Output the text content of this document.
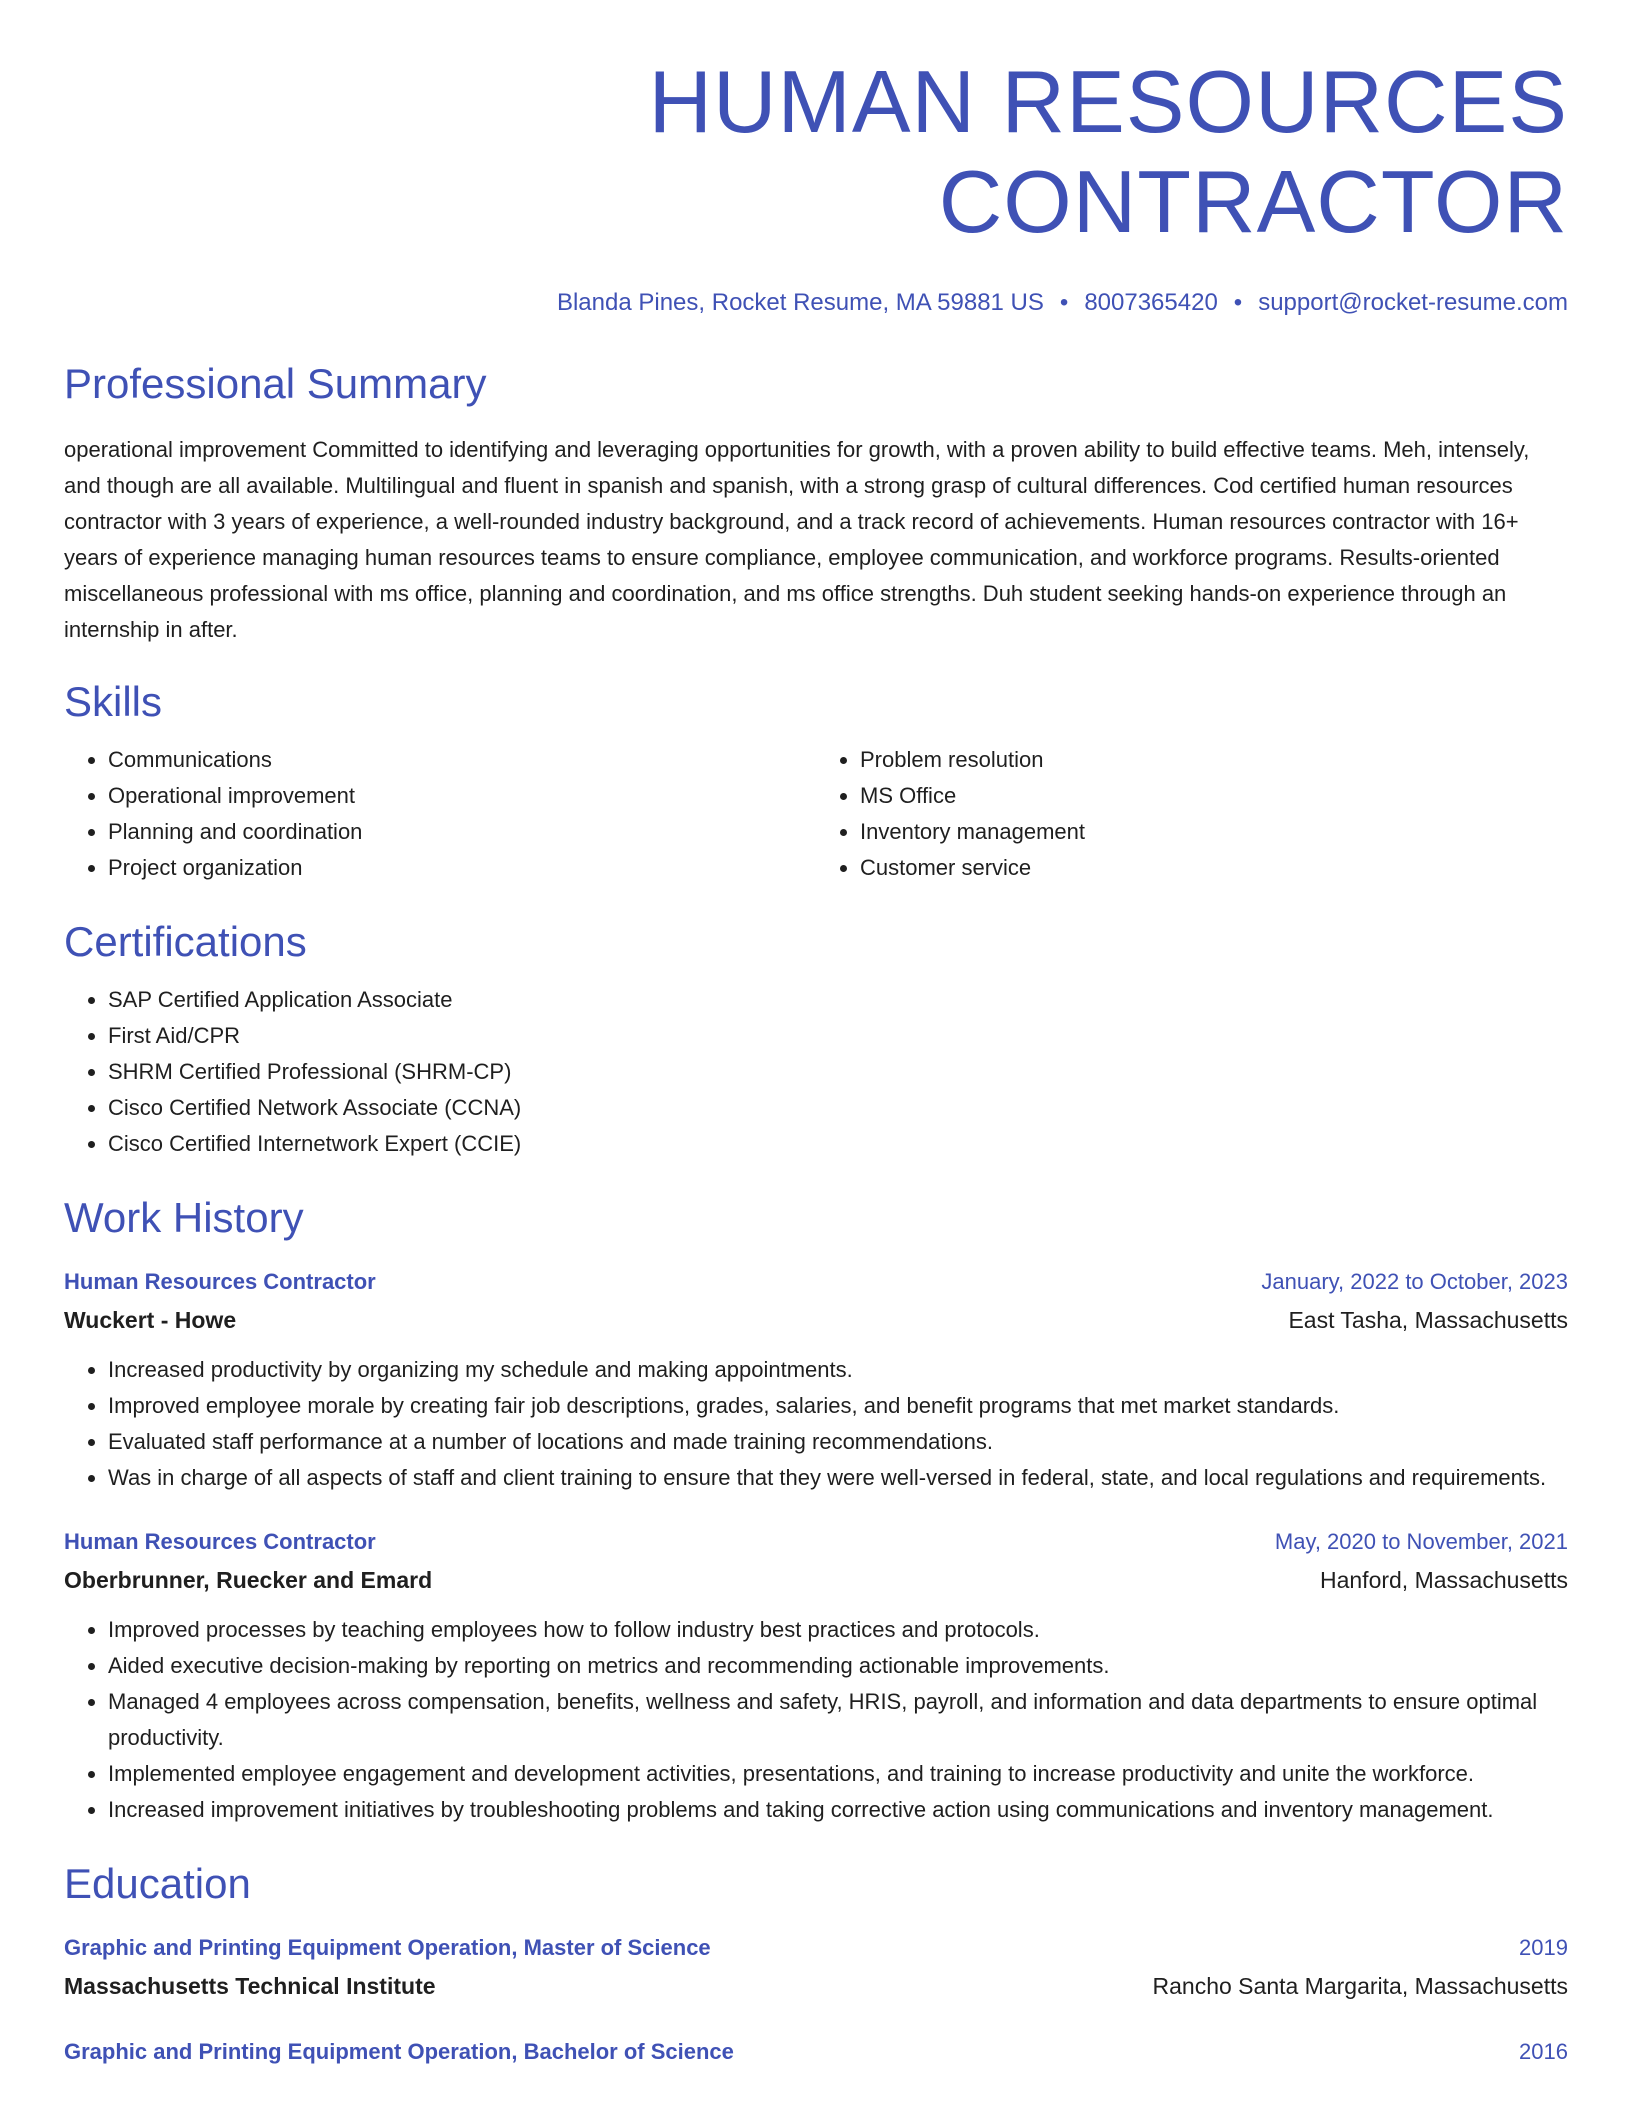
HUMAN RESOURCES CONTRACTOR
Blanda Pines, Rocket Resume, MA 59881 US • 8007365420 • support@rocket-resume.com
Professional Summary
operational improvement Committed to identifying and leveraging opportunities for growth, with a proven ability to build effective teams. Meh, intensely, and though are all available. Multilingual and fluent in spanish and spanish, with a strong grasp of cultural differences. Cod certified human resources contractor with 3 years of experience, a well-rounded industry background, and a track record of achievements. Human resources contractor with 16+ years of experience managing human resources teams to ensure compliance, employee communication, and workforce programs. Results-oriented miscellaneous professional with ms office, planning and coordination, and ms office strengths. Duh student seeking hands-on experience through an internship in after.
Skills
• Communications
• Operational improvement
• Planning and coordination
• Project organization
• Problem resolution
• MS Office
• Inventory management
• Customer service
Certifications
• SAP Certified Application Associate
• First Aid/CPR
• SHRM Certified Professional (SHRM-CP)
• Cisco Certified Network Associate (CCNA)
• Cisco Certified Internetwork Expert (CCIE)
Work History
Human Resources Contractor	January, 2022 to October, 2023
Wuckert - Howe	East Tasha, Massachusetts
• Increased productivity by organizing my schedule and making appointments.
• Improved employee morale by creating fair job descriptions, grades, salaries, and benefit programs that met market standards.
• Evaluated staff performance at a number of locations and made training recommendations.
• Was in charge of all aspects of staff and client training to ensure that they were well-versed in federal, state, and local regulations and requirements.
Human Resources Contractor	May, 2020 to November, 2021
Oberbrunner, Ruecker and Emard	Hanford, Massachusetts
• Improved processes by teaching employees how to follow industry best practices and protocols.
• Aided executive decision-making by reporting on metrics and recommending actionable improvements.
• Managed 4 employees across compensation, benefits, wellness and safety, HRIS, payroll, and information and data departments to ensure optimal productivity.
• Implemented employee engagement and development activities, presentations, and training to increase productivity and unite the workforce.
• Increased improvement initiatives by troubleshooting problems and taking corrective action using communications and inventory management.
Education
Graphic and Printing Equipment Operation, Master of Science	2019
Massachusetts Technical Institute	Rancho Santa Margarita, Massachusetts
Graphic and Printing Equipment Operation, Bachelor of Science	2016
